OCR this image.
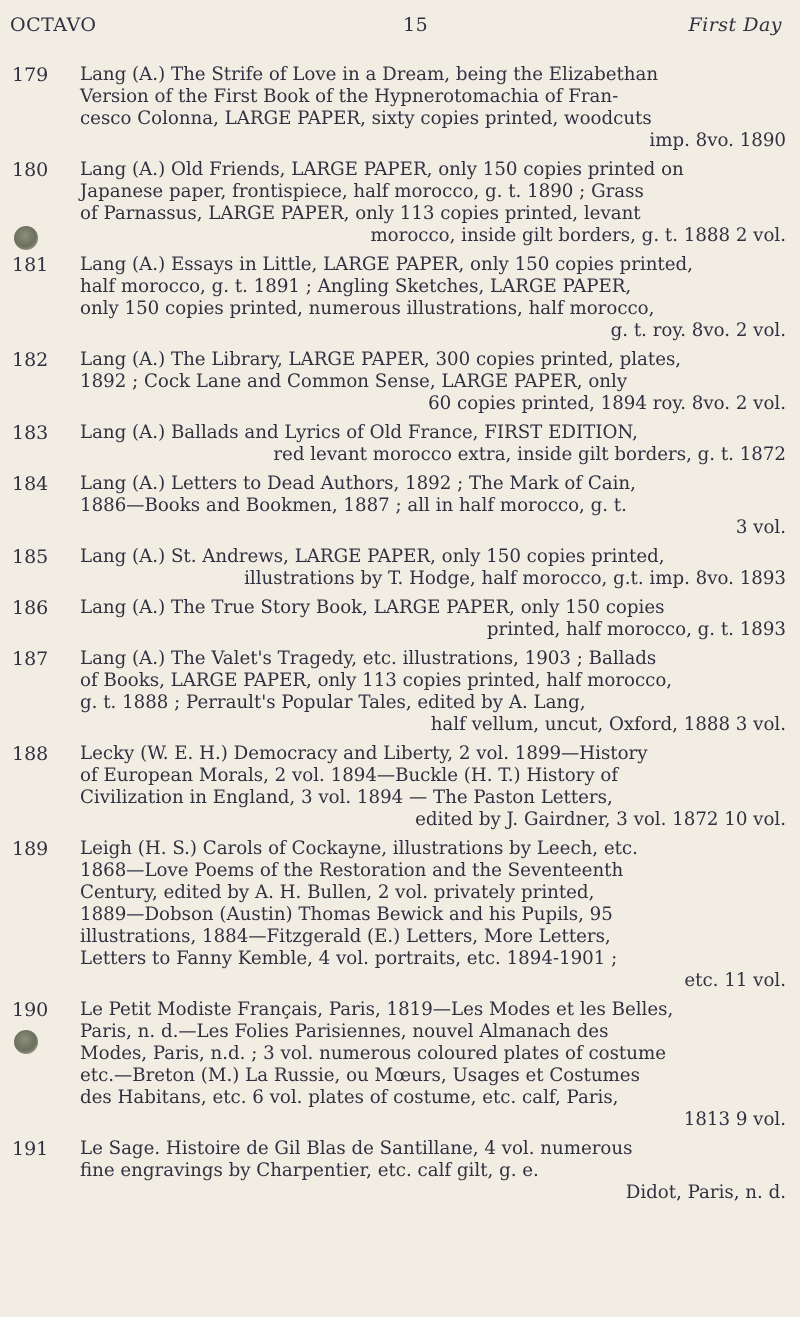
OCTAVO	15	First Day
179	Lang (A.) The Strife of Love in a Dream, being the Elizabethan
Version of the First Book of the Hypnerotomachia of Fran-
cesco Colonna, LARGE PAPER, sixty copies printed, woodcuts
imp. 8vo. 1890
180	Lang (A.) Old Friends, LARGE PAPER, only 150 copies printed on
Japanese paper, frontispiece, half morocco, g. t. 1890 ; Grass
of Parnassus, LARGE PAPER, only 113 copies printed, levant
morocco, inside gilt borders, g. t. 1888 2 vol.
181	Lang (A.) Essays in Little, LARGE PAPER, only 150 copies printed,
half morocco, g. t. 1891 ; Angling Sketches, LARGE PAPER,
only 150 copies printed, numerous illustrations, half morocco,
g. t. roy. 8vo. 2 vol.
182	Lang (A.) The Library, LARGE PAPER, 300 copies printed, plates,
1892 ; Cock Lane and Common Sense, LARGE PAPER, only
60 copies printed, 1894 roy. 8vo. 2 vol.
183	Lang (A.) Ballads and Lyrics of Old France, FIRST EDITION,
red levant morocco extra, inside gilt borders, g. t. 1872
184	Lang (A.) Letters to Dead Authors, 1892 ; The Mark of Cain,
1886—Books and Bookmen, 1887 ; all in half morocco, g. t.
3 vol.
185	Lang (A.) St. Andrews, LARGE PAPER, only 150 copies printed,
illustrations by T. Hodge, half morocco, g.t. imp. 8vo. 1893
186	Lang (A.) The True Story Book, LARGE PAPER, only 150 copies
printed, half morocco, g. t. 1893
187	Lang (A.) The Valet's Tragedy, etc. illustrations, 1903 ; Ballads
of Books, LARGE PAPER, only 113 copies printed, half morocco,
g. t. 1888 ; Perrault's Popular Tales, edited by A. Lang,
half vellum, uncut, Oxford, 1888 3 vol.
188	Lecky (W. E. H.) Democracy and Liberty, 2 vol. 1899—History
of European Morals, 2 vol. 1894—Buckle (H. T.) History of
Civilization in England, 3 vol. 1894 — The Paston Letters,
edited by J. Gairdner, 3 vol. 1872 10 vol.
189	Leigh (H. S.) Carols of Cockayne, illustrations by Leech, etc.
1868—Love Poems of the Restoration and the Seventeenth
Century, edited by A. H. Bullen, 2 vol. privately printed,
1889—Dobson (Austin) Thomas Bewick and his Pupils, 95
illustrations, 1884—Fitzgerald (E.) Letters, More Letters,
Letters to Fanny Kemble, 4 vol. portraits, etc. 1894-1901 ;
etc. 11 vol.
190	Le Petit Modiste Français, Paris, 1819—Les Modes et les Belles,
Paris, n. d.—Les Folies Parisiennes, nouvel Almanach des
Modes, Paris, n.d. ; 3 vol. numerous coloured plates of costume
etc.—Breton (M.) La Russie, ou Mœurs, Usages et Costumes
des Habitans, etc. 6 vol. plates of costume, etc. calf, Paris,
1813 9 vol.
191	Le Sage. Histoire de Gil Blas de Santillane, 4 vol. numerous
fine engravings by Charpentier, etc. calf gilt, g. e.
Didot, Paris, n. d.
